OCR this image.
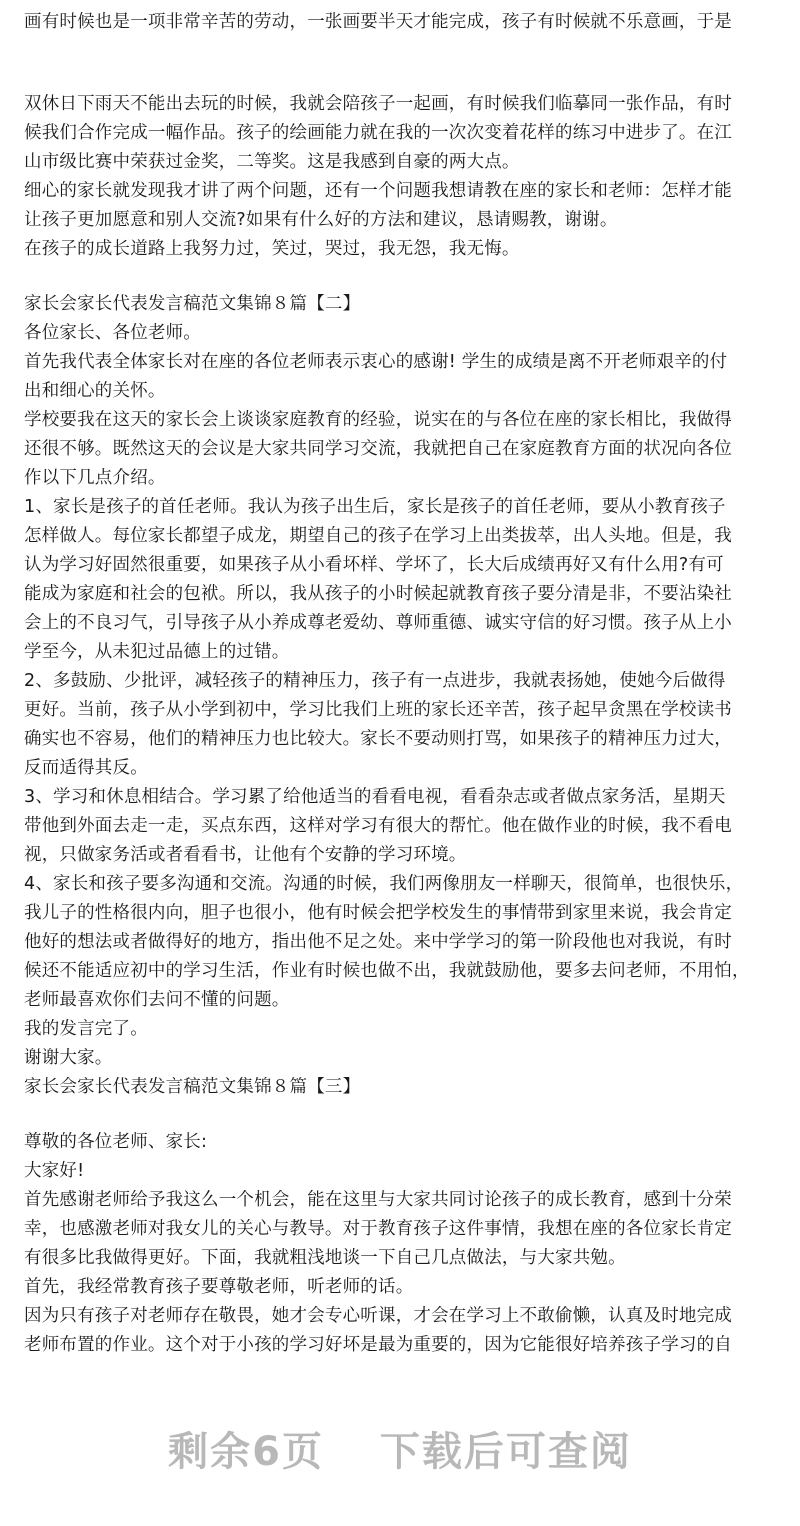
画有时候也是一项非常辛苦的劳动，一张画要半天才能完成，孩子有时候就不乐意画，于是
双休日下雨天不能出去玩的时候，我就会陪孩子一起画，有时候我们临摹同一张作品，有时
候我们合作完成一幅作品。孩子的绘画能力就在我的一次次变着花样的练习中进步了。在江
山市级比赛中荣获过金奖，二等奖。这是我感到自豪的两大点。
细心的家长就发现我才讲了两个问题，还有一个问题我想请教在座的家长和老师：怎样才能
让孩子更加愿意和别人交流?如果有什么好的方法和建议，恳请赐教，谢谢。
在孩子的成长道路上我努力过，笑过，哭过，我无怨，我无悔。
家长会家长代表发言稿范文集锦８篇【二】
各位家长、各位老师。
首先我代表全体家长对在座的各位老师表示衷心的感谢! 学生的成绩是离不开老师艰辛的付
出和细心的关怀。
学校要我在这天的家长会上谈谈家庭教育的经验，说实在的与各位在座的家长相比，我做得
还很不够。既然这天的会议是大家共同学习交流，我就把自己在家庭教育方面的状况向各位
作以下几点介绍。
1、家长是孩子的首任老师。我认为孩子出生后，家长是孩子的首任老师，要从小教育孩子
怎样做人。每位家长都望子成龙，期望自己的孩子在学习上出类拔萃，出人头地。但是，我
认为学习好固然很重要，如果孩子从小看坏样、学坏了，长大后成绩再好又有什么用?有可
能成为家庭和社会的包袱。所以，我从孩子的小时候起就教育孩子要分清是非，不要沾染社
会上的不良习气，引导孩子从小养成尊老爱幼、尊师重德、诚实守信的好习惯。孩子从上小
学至今，从未犯过品德上的过错。
2、多鼓励、少批评，减轻孩子的精神压力，孩子有一点进步，我就表扬她，使她今后做得
更好。当前，孩子从小学到初中，学习比我们上班的家长还辛苦，孩子起早贪黑在学校读书
确实也不容易，他们的精神压力也比较大。家长不要动则打骂，如果孩子的精神压力过大，
反而适得其反。
3、学习和休息相结合。学习累了给他适当的看看电视，看看杂志或者做点家务活，星期天
带他到外面去走一走，买点东西，这样对学习有很大的帮忙。他在做作业的时候，我不看电
视，只做家务活或者看看书，让他有个安静的学习环境。
4、家长和孩子要多沟通和交流。沟通的时候，我们两像朋友一样聊天，很简单，也很快乐，
我儿子的性格很内向，胆子也很小，他有时候会把学校发生的事情带到家里来说，我会肯定
他好的想法或者做得好的地方，指出他不足之处。来中学学习的第一阶段他也对我说，有时
候还不能适应初中的学习生活，作业有时候也做不出，我就鼓励他，要多去问老师，不用怕，
老师最喜欢你们去问不懂的问题。
我的发言完了。
谢谢大家。
家长会家长代表发言稿范文集锦８篇【三】
尊敬的各位老师、家长:
大家好!
首先感谢老师给予我这么一个机会，能在这里与大家共同讨论孩子的成长教育，感到十分荣
幸，也感激老师对我女儿的关心与教导。对于教育孩子这件事情，我想在座的各位家长肯定
有很多比我做得更好。下面，我就粗浅地谈一下自己几点做法，与大家共勉。
首先，我经常教育孩子要尊敬老师，听老师的话。
因为只有孩子对老师存在敬畏，她才会专心听课，才会在学习上不敢偷懒，认真及时地完成
老师布置的作业。这个对于小孩的学习好坏是最为重要的，因为它能很好培养孩子学习的自
剩余6页 下载后可查阅
